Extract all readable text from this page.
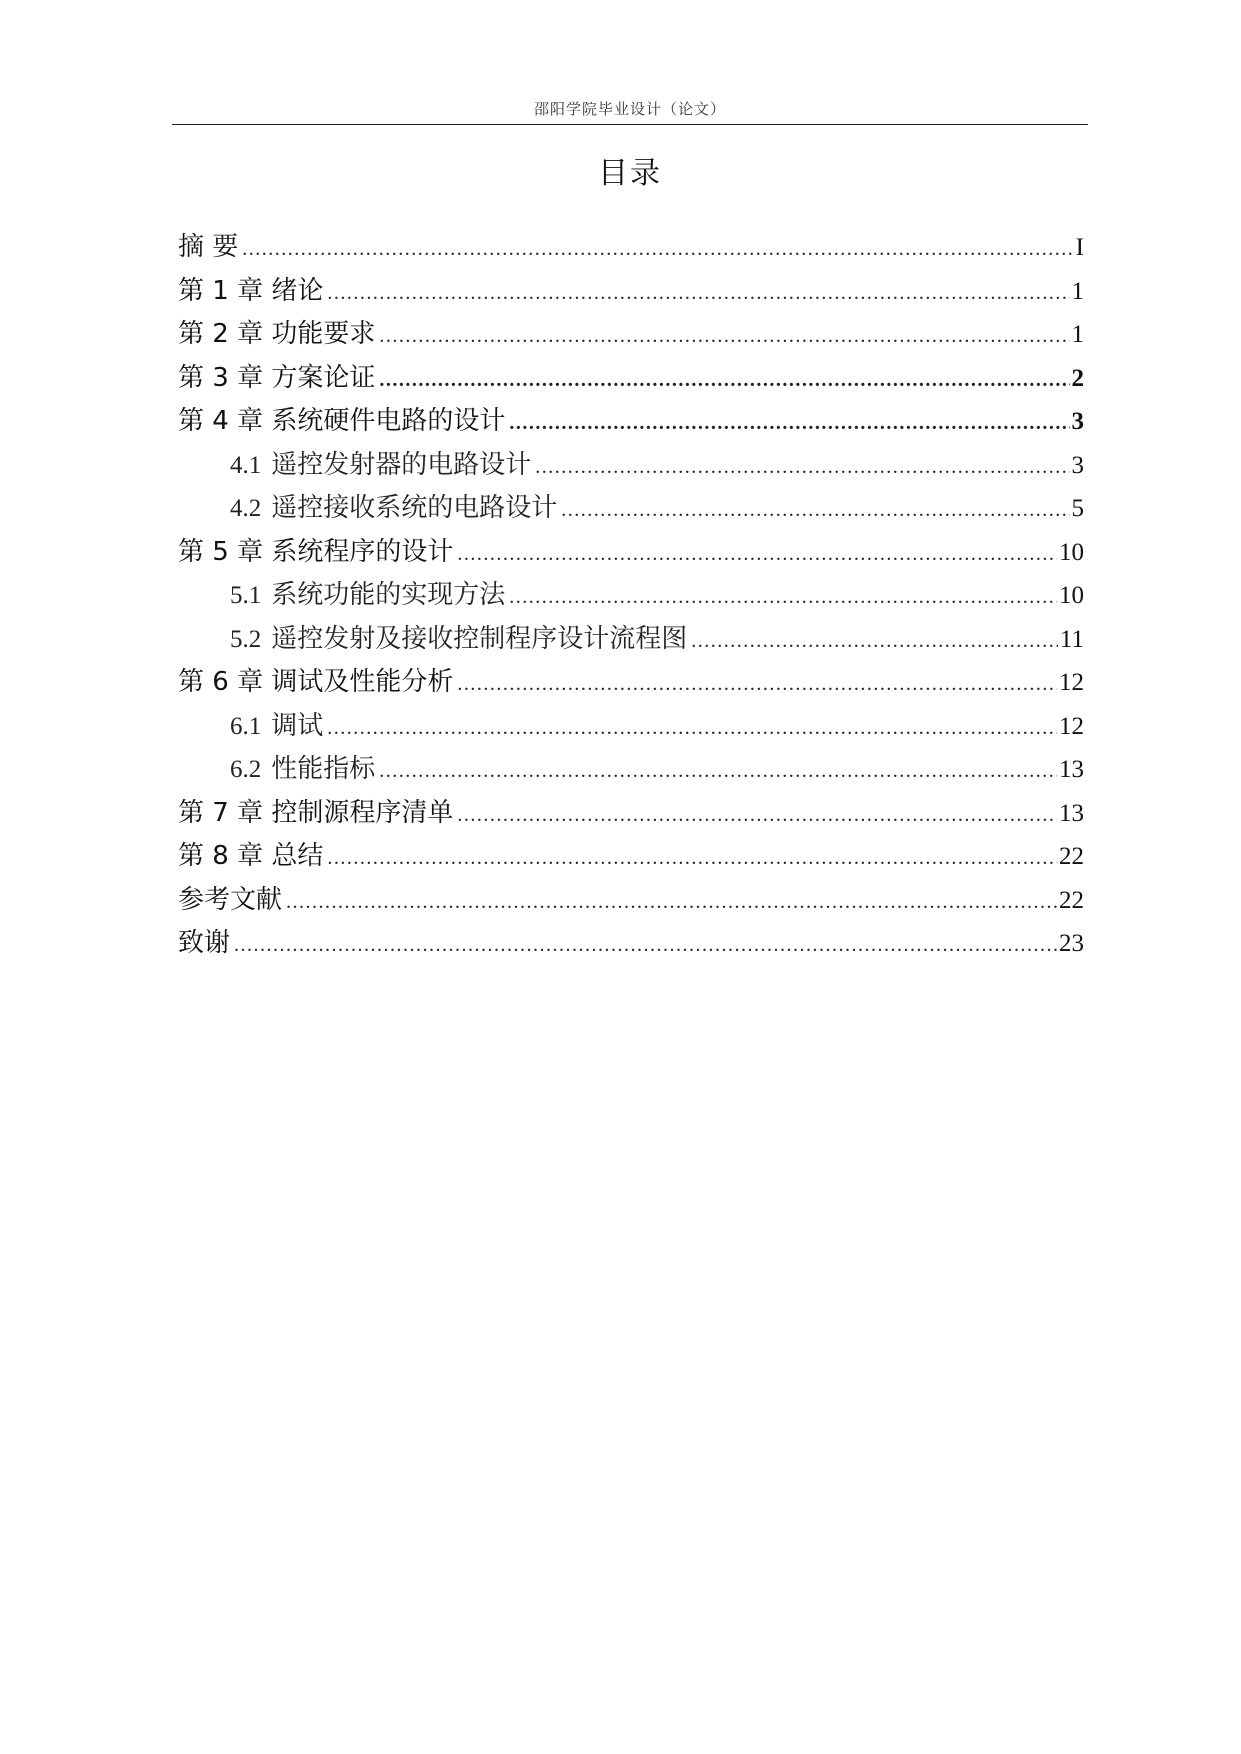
邵阳学院毕业设计（论文）
目录
摘 要 .....	I
第 1 章 绪论 .....	1
第 2 章 功能要求 .....	1
第 3 章 方案论证 .....	2
第 4 章 系统硬件电路的设计 .....	3
4.1 遥控发射器的电路设计 .....	3
4.2 遥控接收系统的电路设计 .....	5
第 5 章 系统程序的设计 .....	10
5.1 系统功能的实现方法 .....	10
5.2 遥控发射及接收控制程序设计流程图 .....	11
第 6 章 调试及性能分析 .....	12
6.1 调试 .....	12
6.2 性能指标 .....	13
第 7 章 控制源程序清单 .....	13
第 8 章 总结 .....	22
参考文献 .....	22
致谢 .....	23
